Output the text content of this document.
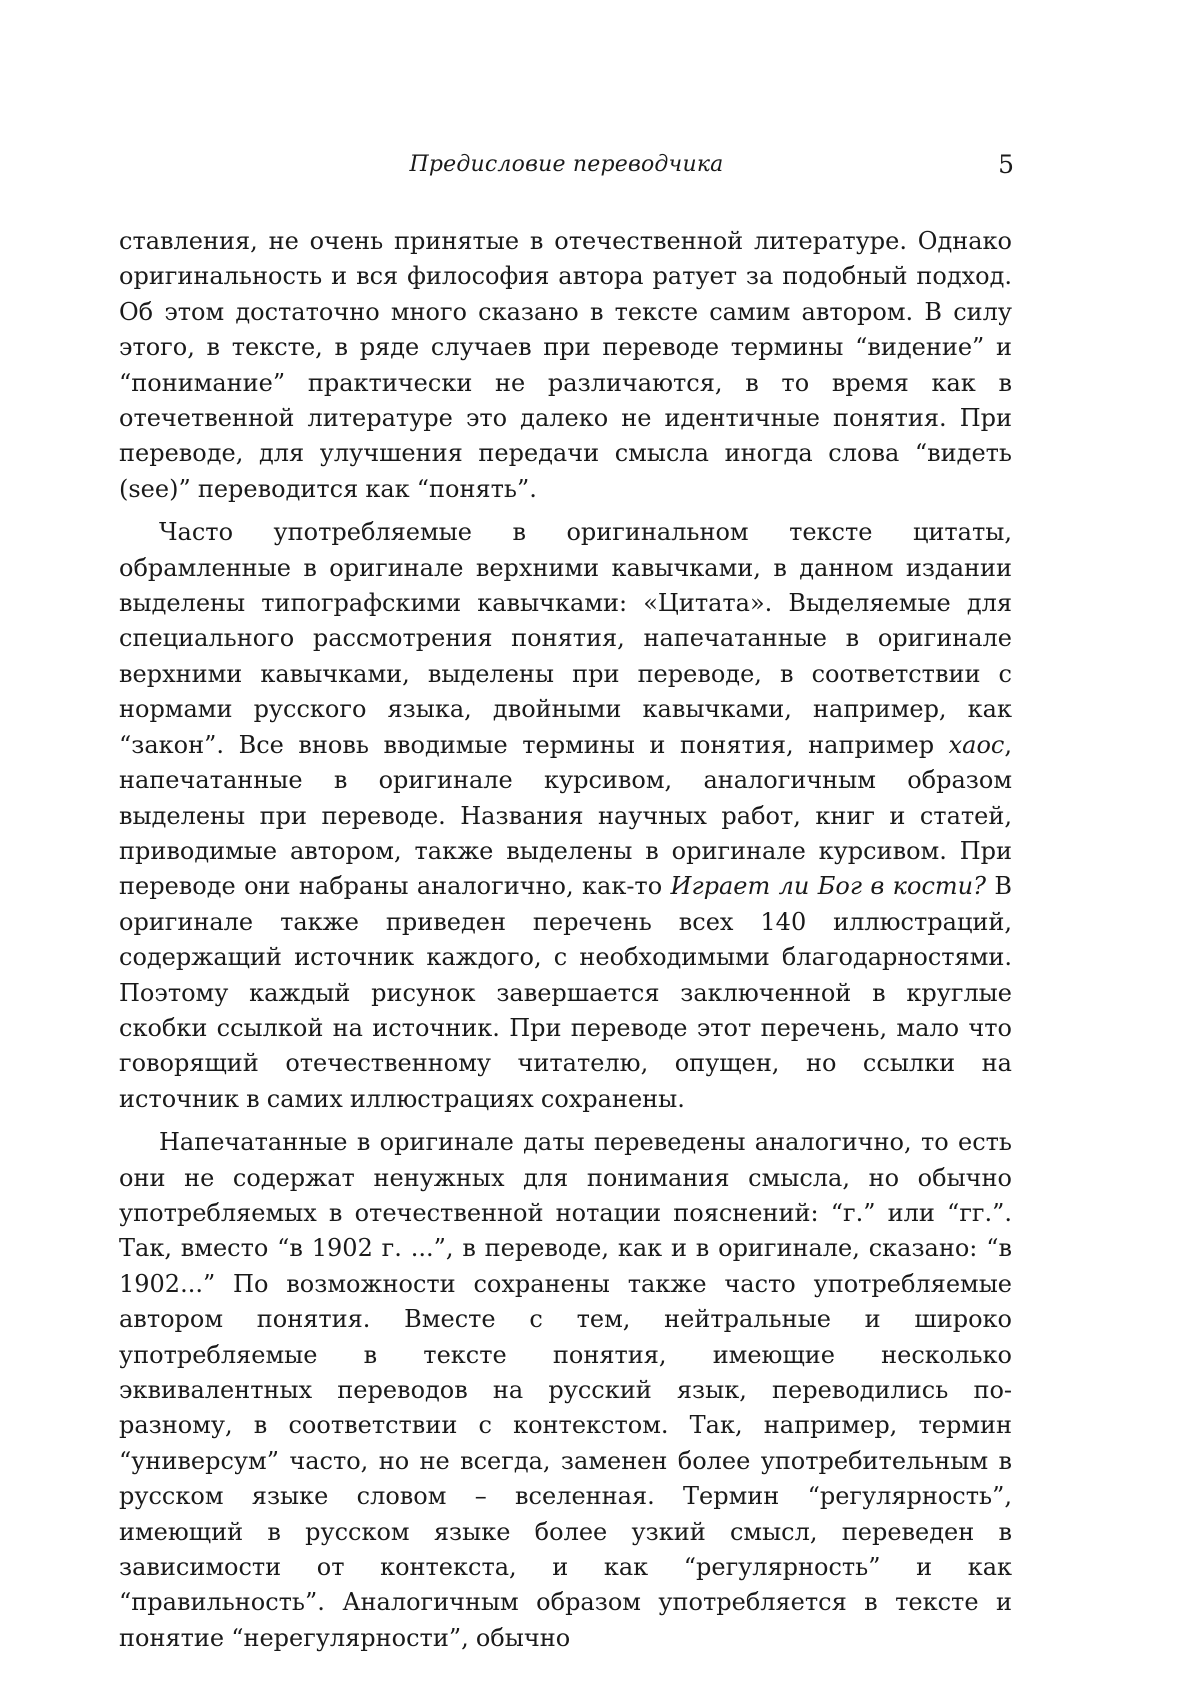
Предисловие переводчика	5

ставления, не очень принятые в отечественной литературе. Однако оригинальность и вся философия автора ратует за подобный подход. Об этом достаточно много сказано в тексте самим автором. В силу этого, в тексте, в ряде случаев при переводе термины “видение” и “понимание” практически не различаются, в то время как в отечетвенной литературе это далеко не идентичные понятия. При переводе, для улучшения передачи смысла иногда слова “видеть (see)” переводится как “понять”.

Часто употребляемые в оригинальном тексте цитаты, обрамленные в оригинале верхними кавычками, в данном издании выделены типографскими кавычками: «Цитата». Выделяемые для специального рассмотрения понятия, напечатанные в оригинале верхними кавычками, выделены при переводе, в соответствии с нормами русского языка, двойными кавычками, например, как “закон”. Все вновь вводимые термины и понятия, например хаос, напечатанные в оригинале курсивом, аналогичным образом выделены при переводе. Названия научных работ, книг и статей, приводимые автором, также выделены в оригинале курсивом. При переводе они набраны аналогично, как-то Играет ли Бог в кости? В оригинале также приведен перечень всех 140 иллюстраций, содержащий источник каждого, с необходимыми благодарностями. Поэтому каждый рисунок завершается заключенной в круглые скобки ссылкой на источник. При переводе этот перечень, мало что говорящий отечественному читателю, опущен, но ссылки на источник в самих иллюстрациях сохранены.

Напечатанные в оригинале даты переведены аналогично, то есть они не содержат ненужных для понимания смысла, но обычно употребляемых в отечественной нотации пояснений: “г.” или “гг.”. Так, вместо “в 1902 г. ...”, в переводе, как и в оригинале, сказано: “в 1902...” По возможности сохранены также часто употребляемые автором понятия. Вместе с тем, нейтральные и широко употребляемые в тексте понятия, имеющие несколько эквивалентных переводов на русский язык, переводились по-разному, в соответствии с контекстом. Так, например, термин “универсум” часто, но не всегда, заменен более употребительным в русском языке словом – вселенная. Термин “регулярность”, имеющий в русском языке более узкий смысл, переведен в зависимости от контекста, и как “регулярность” и как “правильность”. Аналогичным образом употребляется в тексте и понятие “нерегулярности”, обычно
